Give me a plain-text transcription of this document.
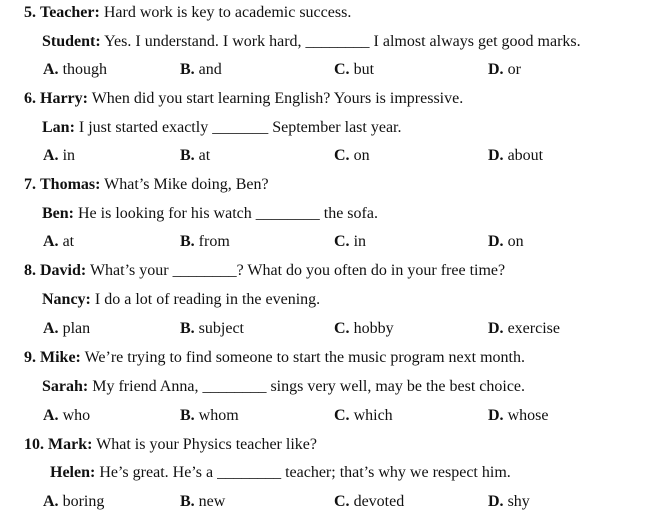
5. Teacher: Hard work is key to academic success.
Student: Yes. I understand. I work hard, ________ I almost always get good marks.
A. though	B. and	C. but	D. or
6. Harry: When did you start learning English? Yours is impressive.
Lan: I just started exactly _______ September last year.
A. in	B. at	C. on	D. about
7. Thomas: What’s Mike doing, Ben?
Ben: He is looking for his watch ________ the sofa.
A. at	B. from	C. in	D. on
8. David: What’s your ________? What do you often do in your free time?
Nancy: I do a lot of reading in the evening.
A. plan	B. subject	C. hobby	D. exercise
9. Mike: We’re trying to find someone to start the music program next month.
Sarah: My friend Anna, ________ sings very well, may be the best choice.
A. who	B. whom	C. which	D. whose
10. Mark: What is your Physics teacher like?
Helen: He’s great. He’s a ________ teacher; that’s why we respect him.
A. boring	B. new	C. devoted	D. shy
